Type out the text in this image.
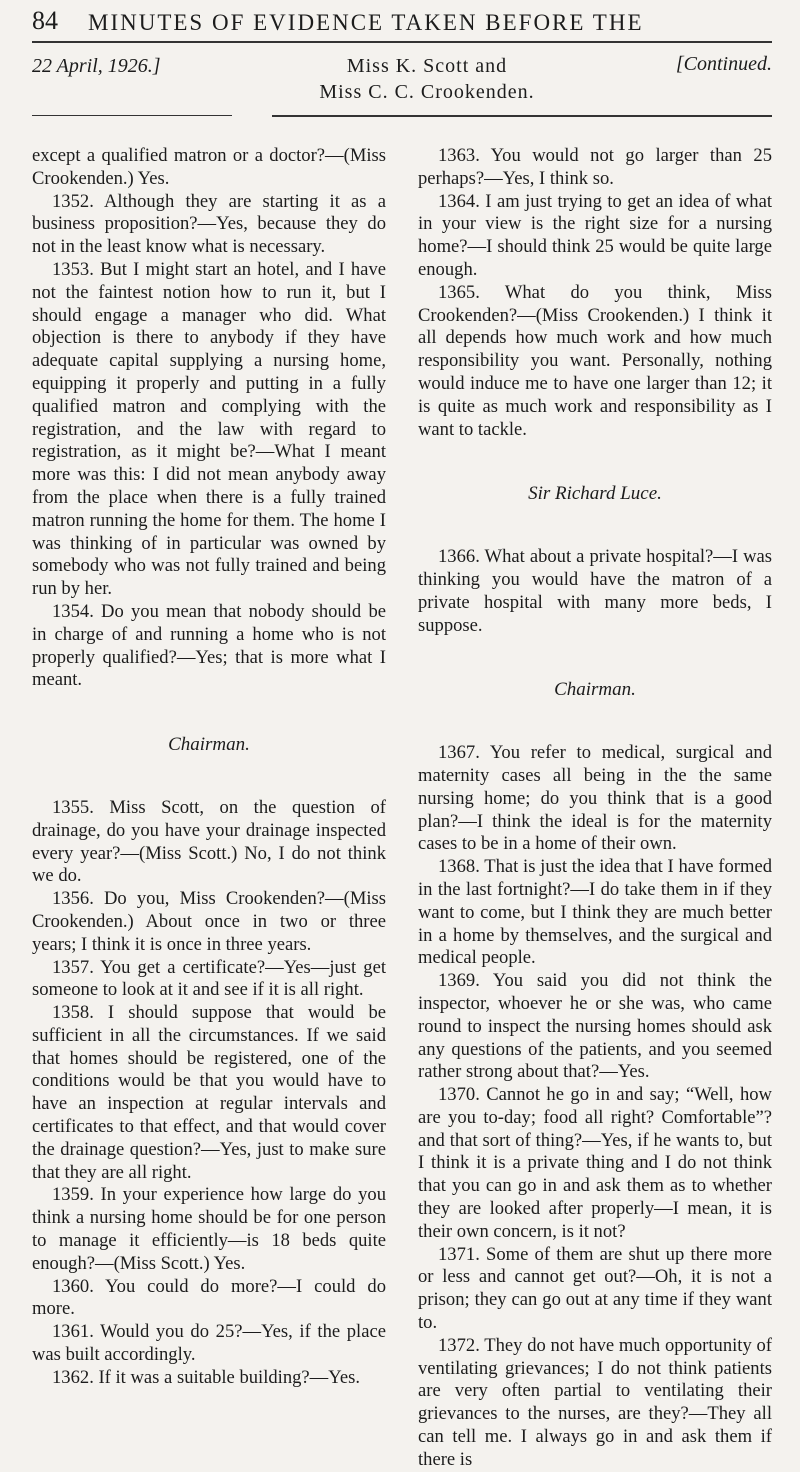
84	MINUTES OF EVIDENCE TAKEN BEFORE THE
22 April, 1926.]	Miss K. Scott and
Miss C. C. Crookenden.
[Continued.

except a qualified matron or a doctor?—(Miss Crookenden.) Yes.

1352. Although they are starting it as a business proposition?—Yes, because they do not in the least know what is necessary.

1353. But I might start an hotel, and I have not the faintest notion how to run it, but I should engage a manager who did. What objection is there to anybody if they have adequate capital supplying a nursing home, equipping it properly and putting in a fully qualified matron and complying with the registration, and the law with regard to registration, as it might be?—What I meant more was this: I did not mean anybody away from the place when there is a fully trained matron running the home for them. The home I was thinking of in particular was owned by somebody who was not fully trained and being run by her.

1354. Do you mean that nobody should be in charge of and running a home who is not properly qualified?—Yes; that is more what I meant.

Chairman.

1355. Miss Scott, on the question of drainage, do you have your drainage inspected every year?—(Miss Scott.) No, I do not think we do.

1356. Do you, Miss Crookenden?—(Miss Crookenden.) About once in two or three years; I think it is once in three years.

1357. You get a certificate?—Yes—just get someone to look at it and see if it is all right.

1358. I should suppose that would be sufficient in all the circumstances. If we said that homes should be registered, one of the conditions would be that you would have to have an inspection at regular intervals and certificates to that effect, and that would cover the drainage question?—Yes, just to make sure that they are all right.

1359. In your experience how large do you think a nursing home should be for one person to manage it efficiently—is 18 beds quite enough?—(Miss Scott.) Yes.

1360. You could do more?—I could do more.

1361. Would you do 25?—Yes, if the place was built accordingly.

1362. If it was a suitable building?—Yes.

1363. You would not go larger than 25 perhaps?—Yes, I think so.

1364. I am just trying to get an idea of what in your view is the right size for a nursing home?—I should think 25 would be quite large enough.

1365. What do you think, Miss Crookenden?—(Miss Crookenden.) I think it all depends how much work and how much responsibility you want. Personally, nothing would induce me to have one larger than 12; it is quite as much work and responsibility as I want to tackle.

Sir Richard Luce.

1366. What about a private hospital?—I was thinking you would have the matron of a private hospital with many more beds, I suppose.

Chairman.

1367. You refer to medical, surgical and maternity cases all being in the the same nursing home; do you think that is a good plan?—I think the ideal is for the maternity cases to be in a home of their own.

1368. That is just the idea that I have formed in the last fortnight?—I do take them in if they want to come, but I think they are much better in a home by themselves, and the surgical and medical people.

1369. You said you did not think the inspector, whoever he or she was, who came round to inspect the nursing homes should ask any questions of the patients, and you seemed rather strong about that?—Yes.

1370. Cannot he go in and say; “Well, how are you to-day; food all right? Comfortable”? and that sort of thing?—Yes, if he wants to, but I think it is a private thing and I do not think that you can go in and ask them as to whether they are looked after properly—I mean, it is their own concern, is it not?

1371. Some of them are shut up there more or less and cannot get out?—Oh, it is not a prison; they can go out at any time if they want to.

1372. They do not have much opportunity of ventilating grievances; I do not think patients are very often partial to ventilating their grievances to the nurses, are they?—They all can tell me. I always go in and ask them if there is
